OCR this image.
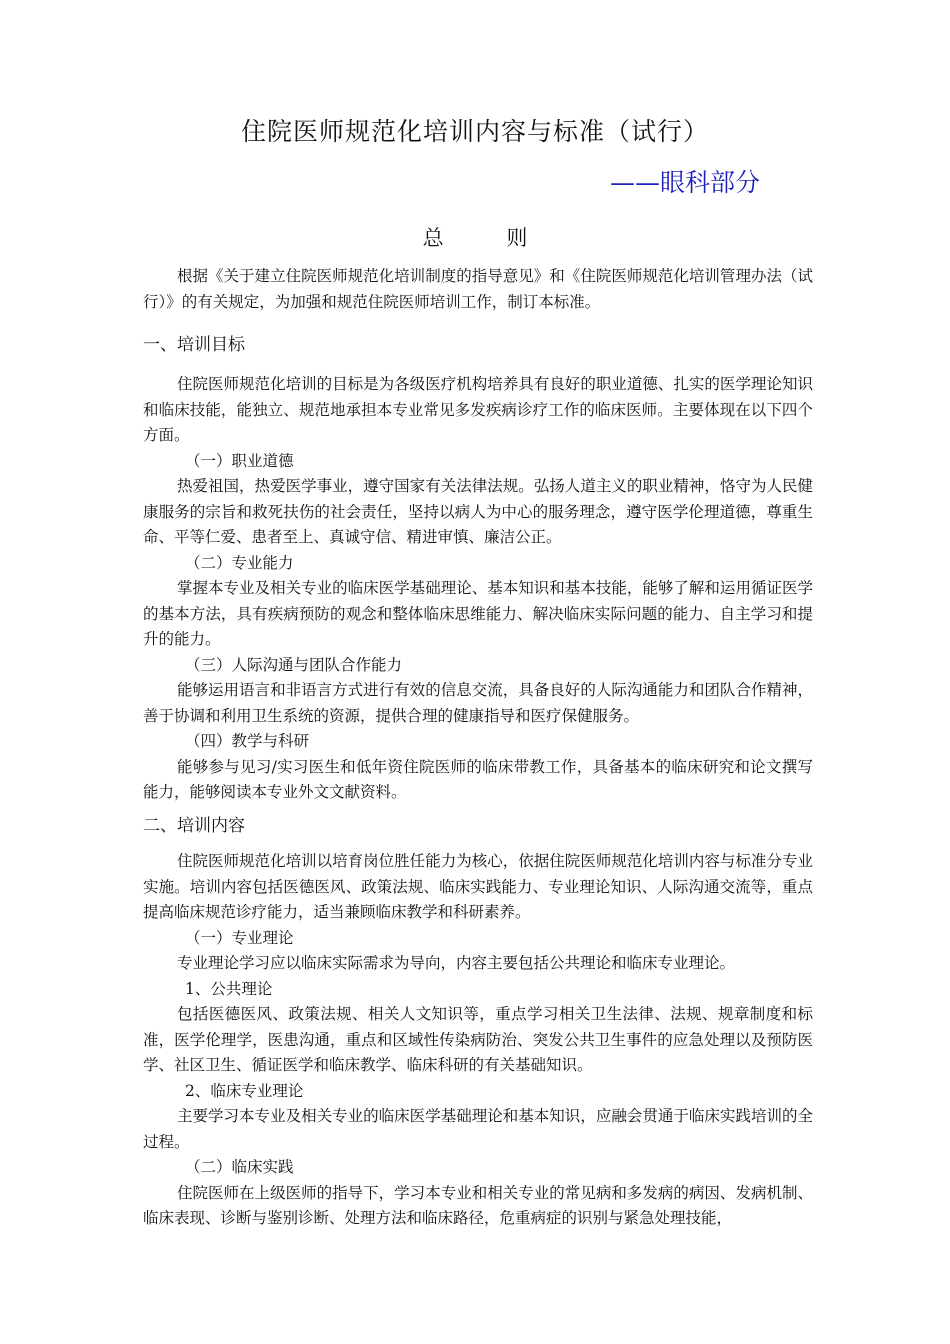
住院医师规范化培训内容与标准（试行）
——眼科部分
总 则
根据《关于建立住院医师规范化培训制度的指导意见》和《住院医师规范化培训管理办法（试行）》的有关规定，为加强和规范住院医师培训工作，制订本标准。
一、培训目标
住院医师规范化培训的目标是为各级医疗机构培养具有良好的职业道德、扎实的医学理论知识和临床技能，能独立、规范地承担本专业常见多发疾病诊疗工作的临床医师。主要体现在以下四个方面。
（一）职业道德
热爱祖国，热爱医学事业，遵守国家有关法律法规。弘扬人道主义的职业精神，恪守为人民健康服务的宗旨和救死扶伤的社会责任，坚持以病人为中心的服务理念，遵守医学伦理道德，尊重生命、平等仁爱、患者至上、真诚守信、精进审慎、廉洁公正。
（二）专业能力
掌握本专业及相关专业的临床医学基础理论、基本知识和基本技能，能够了解和运用循证医学的基本方法，具有疾病预防的观念和整体临床思维能力、解决临床实际问题的能力、自主学习和提升的能力。
（三）人际沟通与团队合作能力
能够运用语言和非语言方式进行有效的信息交流，具备良好的人际沟通能力和团队合作精神，善于协调和利用卫生系统的资源，提供合理的健康指导和医疗保健服务。
（四）教学与科研
能够参与见习/实习医生和低年资住院医师的临床带教工作，具备基本的临床研究和论文撰写能力，能够阅读本专业外文文献资料。
二、培训内容
住院医师规范化培训以培育岗位胜任能力为核心，依据住院医师规范化培训内容与标准分专业实施。培训内容包括医德医风、政策法规、临床实践能力、专业理论知识、人际沟通交流等，重点提高临床规范诊疗能力，适当兼顾临床教学和科研素养。
（一）专业理论
专业理论学习应以临床实际需求为导向，内容主要包括公共理论和临床专业理论。
1、公共理论
包括医德医风、政策法规、相关人文知识等，重点学习相关卫生法律、法规、规章制度和标准，医学伦理学，医患沟通，重点和区域性传染病防治、突发公共卫生事件的应急处理以及预防医学、社区卫生、循证医学和临床教学、临床科研的有关基础知识。
2、临床专业理论
主要学习本专业及相关专业的临床医学基础理论和基本知识，应融会贯通于临床实践培训的全过程。
（二）临床实践
住院医师在上级医师的指导下，学习本专业和相关专业的常见病和多发病的病因、发病机制、临床表现、诊断与鉴别诊断、处理方法和临床路径，危重病症的识别与紧急处理技能，
